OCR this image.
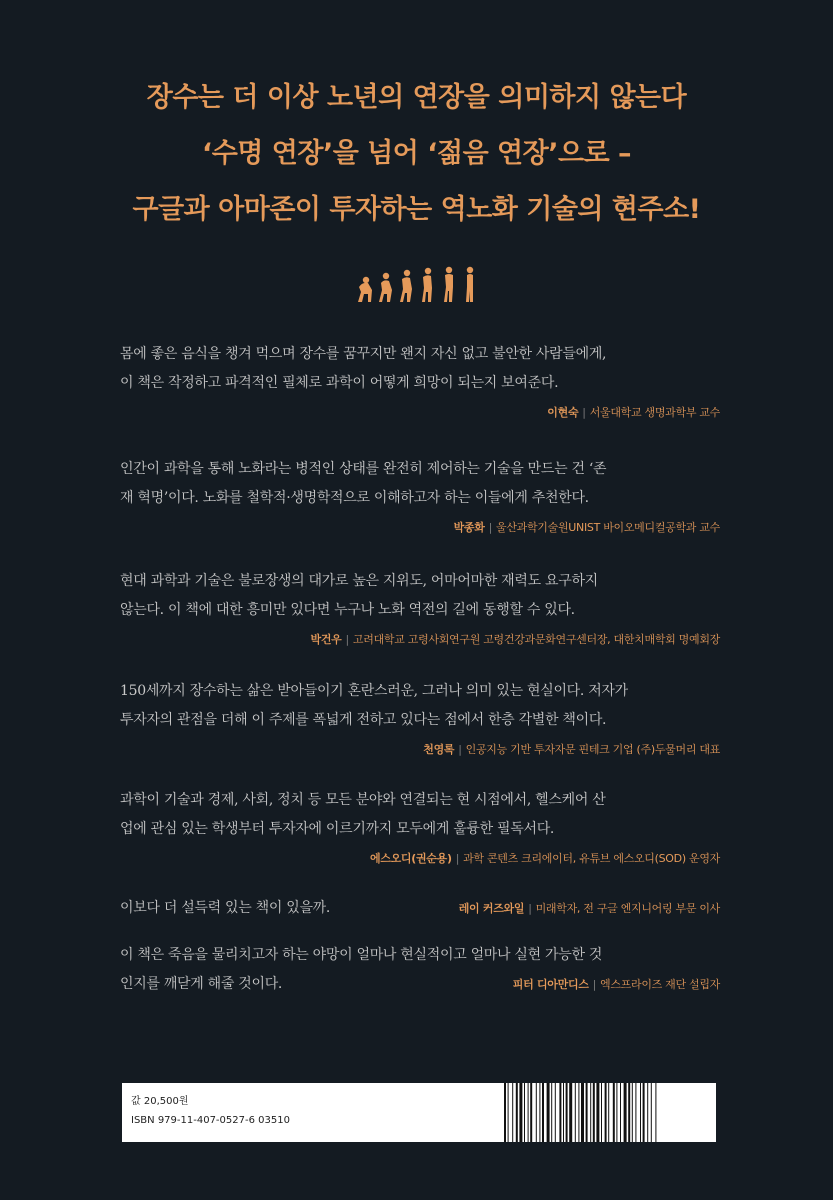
장수는 더 이상 노년의 연장을 의미하지 않는다
‘수명 연장’을 넘어 ‘젊음 연장’으로 –
구글과 아마존이 투자하는 역노화 기술의 현주소!
몸에 좋은 음식을 챙겨 먹으며 장수를 꿈꾸지만 왠지 자신 없고 불안한 사람들에게,
이 책은 작정하고 파격적인 필체로 과학이 어떻게 희망이 되는지 보여준다.
이현숙 | 서울대학교 생명과학부 교수
인간이 과학을 통해 노화라는 병적인 상태를 완전히 제어하는 기술을 만드는 건 ‘존
재 혁명’이다. 노화를 철학적·생명학적으로 이해하고자 하는 이들에게 추천한다.
박종화 | 울산과학기술원UNIST 바이오메디컬공학과 교수
현대 과학과 기술은 불로장생의 대가로 높은 지위도, 어마어마한 재력도 요구하지
않는다. 이 책에 대한 흥미만 있다면 누구나 노화 역전의 길에 동행할 수 있다.
박건우 | 고려대학교 고령사회연구원 고령건강과문화연구센터장, 대한치매학회 명예회장
150세까지 장수하는 삶은 받아들이기 혼란스러운, 그러나 의미 있는 현실이다. 저자가
투자자의 관점을 더해 이 주제를 폭넓게 전하고 있다는 점에서 한층 각별한 책이다.
천영록 | 인공지능 기반 투자자문 핀테크 기업 (주)두물머리 대표
과학이 기술과 경제, 사회, 정치 등 모든 분야와 연결되는 현 시점에서, 헬스케어 산
업에 관심 있는 학생부터 투자자에 이르기까지 모두에게 훌륭한 필독서다.
에스오디(권순용) | 과학 콘텐츠 크리에이터, 유튜브 에스오디(SOD) 운영자
이보다 더 설득력 있는 책이 있을까.	레이 커즈와일 | 미래학자, 전 구글 엔지니어링 부문 이사
이 책은 죽음을 물리치고자 하는 야망이 얼마나 현실적이고 얼마나 실현 가능한 것
인지를 깨닫게 해줄 것이다.	피터 디아만디스 | 엑스프라이즈 재단 설립자
값 20,500원
ISBN 979-11-407-0527-6 03510
